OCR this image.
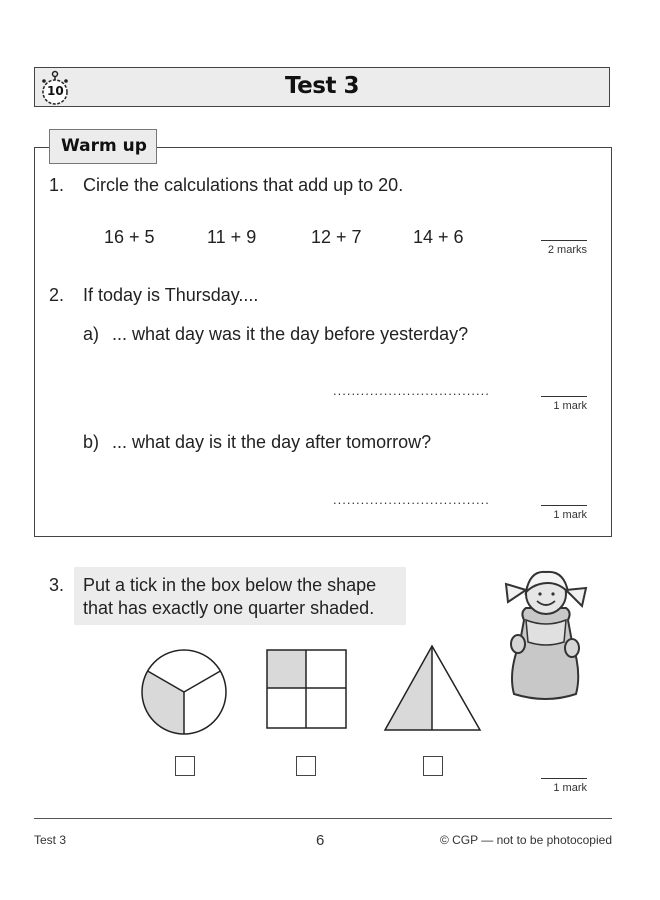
10	Test 3
Warm up
1. Circle the calculations that add up to 20.
16 + 5	11 + 9	12 + 7	14 + 6
2 marks
2. If today is Thursday....
a) ... what day was it the day before yesterday?
..................................
1 mark
b) ... what day is it the day after tomorrow?
..................................
1 mark
3. Put a tick in the box below the shape
that has exactly one quarter shaded.
1 mark
Test 3	6	© CGP — not to be photocopied
